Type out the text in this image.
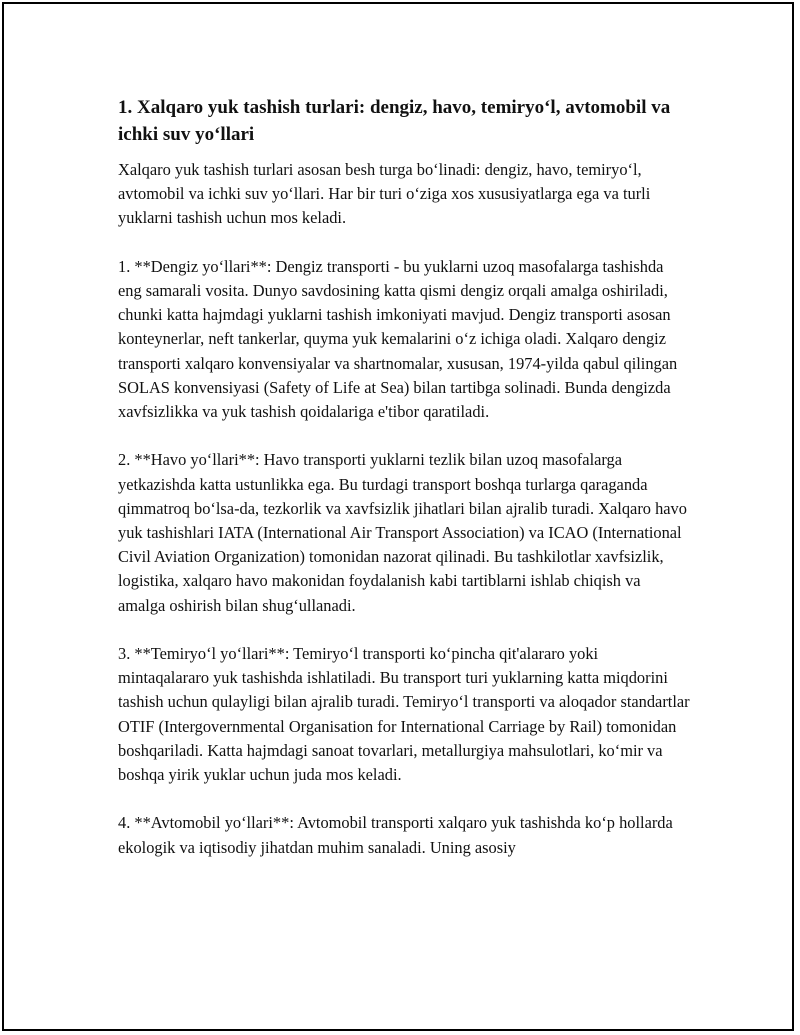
1. Xalqaro yuk tashish turlari: dengiz, havo, temiryo‘l, avtomobil va ichki suv yo‘llari

Xalqaro yuk tashish turlari asosan besh turga bo‘linadi: dengiz, havo, temiryo‘l, avtomobil va ichki suv yo‘llari. Har bir turi o‘ziga xos xususiyatlarga ega va turli yuklarni tashish uchun mos keladi.

1. **Dengiz yo‘llari**: Dengiz transporti - bu yuklarni uzoq masofalarga tashishda eng samarali vosita. Dunyo savdosining katta qismi dengiz orqali amalga oshiriladi, chunki katta hajmdagi yuklarni tashish imkoniyati mavjud. Dengiz transporti asosan konteynerlar, neft tankerlar, quyma yuk kemalarini o‘z ichiga oladi. Xalqaro dengiz transporti xalqaro konvensiyalar va shartnomalar, xususan, 1974-yilda qabul qilingan SOLAS konvensiyasi (Safety of Life at Sea) bilan tartibga solinadi. Bunda dengizda xavfsizlikka va yuk tashish qoidalariga e'tibor qaratiladi.

2. **Havo yo‘llari**: Havo transporti yuklarni tezlik bilan uzoq masofalarga yetkazishda katta ustunlikka ega. Bu turdagi transport boshqa turlarga qaraganda qimmatroq bo‘lsa-da, tezkorlik va xavfsizlik jihatlari bilan ajralib turadi. Xalqaro havo yuk tashishlari IATA (International Air Transport Association) va ICAO (International Civil Aviation Organization) tomonidan nazorat qilinadi. Bu tashkilotlar xavfsizlik, logistika, xalqaro havo makonidan foydalanish kabi tartiblarni ishlab chiqish va amalga oshirish bilan shug‘ullanadi.

3. **Temiryo‘l yo‘llari**: Temiryo‘l transporti ko‘pincha qit'alararo yoki mintaqalararo yuk tashishda ishlatiladi. Bu transport turi yuklarning katta miqdorini tashish uchun qulayligi bilan ajralib turadi. Temiryo‘l transporti va aloqador standartlar OTIF (Intergovernmental Organisation for International Carriage by Rail) tomonidan boshqariladi. Katta hajmdagi sanoat tovarlari, metallurgiya mahsulotlari, ko‘mir va boshqa yirik yuklar uchun juda mos keladi.

4. **Avtomobil yo‘llari**: Avtomobil transporti xalqaro yuk tashishda ko‘p hollarda ekologik va iqtisodiy jihatdan muhim sanaladi. Uning asosiy
